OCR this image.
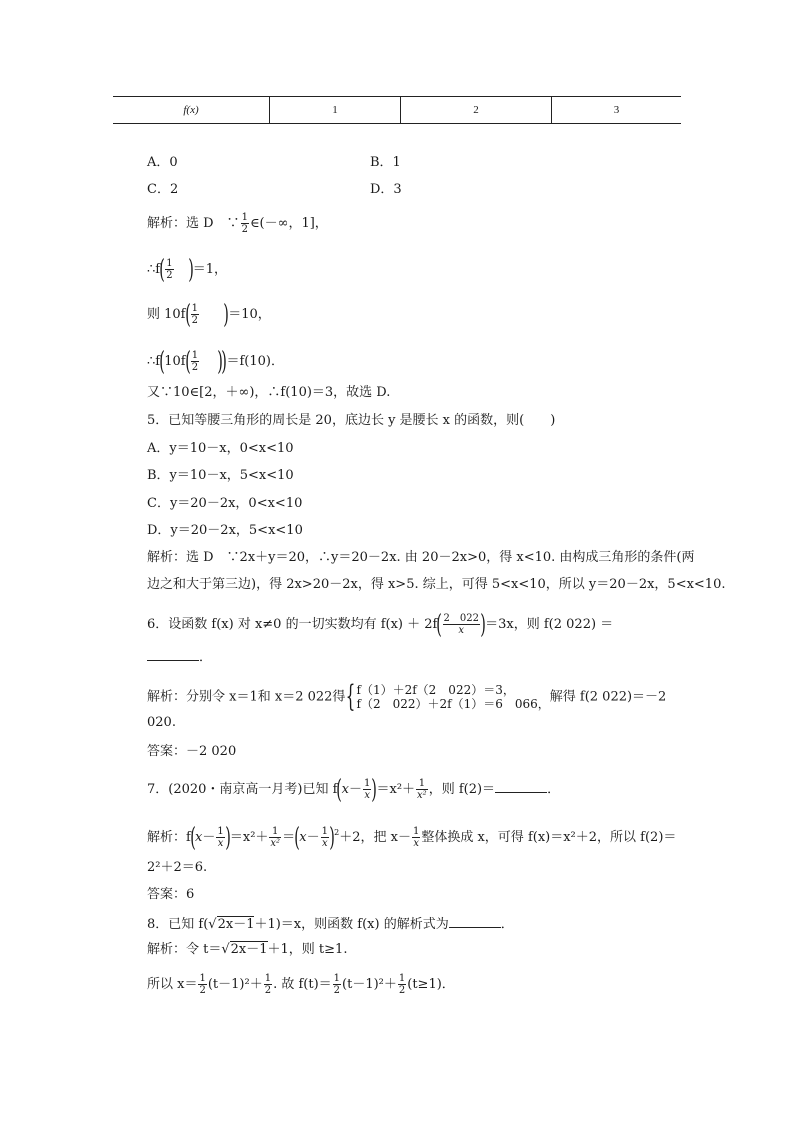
f(x)	1	2	3
A．0	B．1
C．2	D．3
解析：选 D　∵ $\frac{1}{2}$ ∈(－∞，1]，
∴f( $\frac{1}{2} )=1$，
则 $10f( \frac{1}{2} )=10$，
∴f(10f( $\frac{1}{2} ))=f(10)$．
又∵10∈[2，＋∞)，∴f(10)＝3，故选 D.
5．已知等腰三角形的周长是 20，底边长 y 是腰长 x 的函数，则(　　)
A．y＝10－x，0<x<10
B．y＝10－x，5<x<10
C．y＝20－2x，0<x<10
D．y＝20－2x，5<x<10
解析：选 D　∵2x＋y＝20，∴y＝20－2x. 由 20－2x>0，得 x<10. 由构成三角形的条件(两
边之和大于第三边)，得 2x>20－2x，得 x>5. 综上，可得 5<x<10，所以 y＝20－2x，5<x<10.
6．设函数 f(x) 对 x≠0 的一切实数均有 $f(x) + 2f( \frac{2 022}{x} )=3x$，则 f(2 022) ＝
．
解析：分别令 x＝1和 x＝2 022得{ f（1）＋2f（2　022）＝3，
f（2　022）＋2f（1）＝6　066， 解得 f(2 022)＝－2
020.
答案：－2 020
7．(2020・南京高一月考)已知 $f(x- \frac{1}{x} )=x^2+ \frac{1}{\text{x²}}$ ，则 f(2)＝	．
解析：$f(x- \frac{1}{x} )=x^2+ \frac{1}{\text{x²}} =(x- \frac{1}{x} )^2+2$，把 $x- \frac{1}{x}$ 整体换成 x，可得 f(x)＝x²＋2，所以 f(2)＝
2²＋2＝6.
答案：6
8．已知 f(√2x－1＋1)＝x，则函数 f(x) 的解析式为	．
解析：令 t＝√2x－1＋1，则 t≥1.
所以 $x= \frac{1}{2} (t-1)^2+ \frac{1}{2}$ . 故 $f(t)= \frac{1}{2} (t-1)^2+ \frac{1}{2} (t\ge 1)$．
